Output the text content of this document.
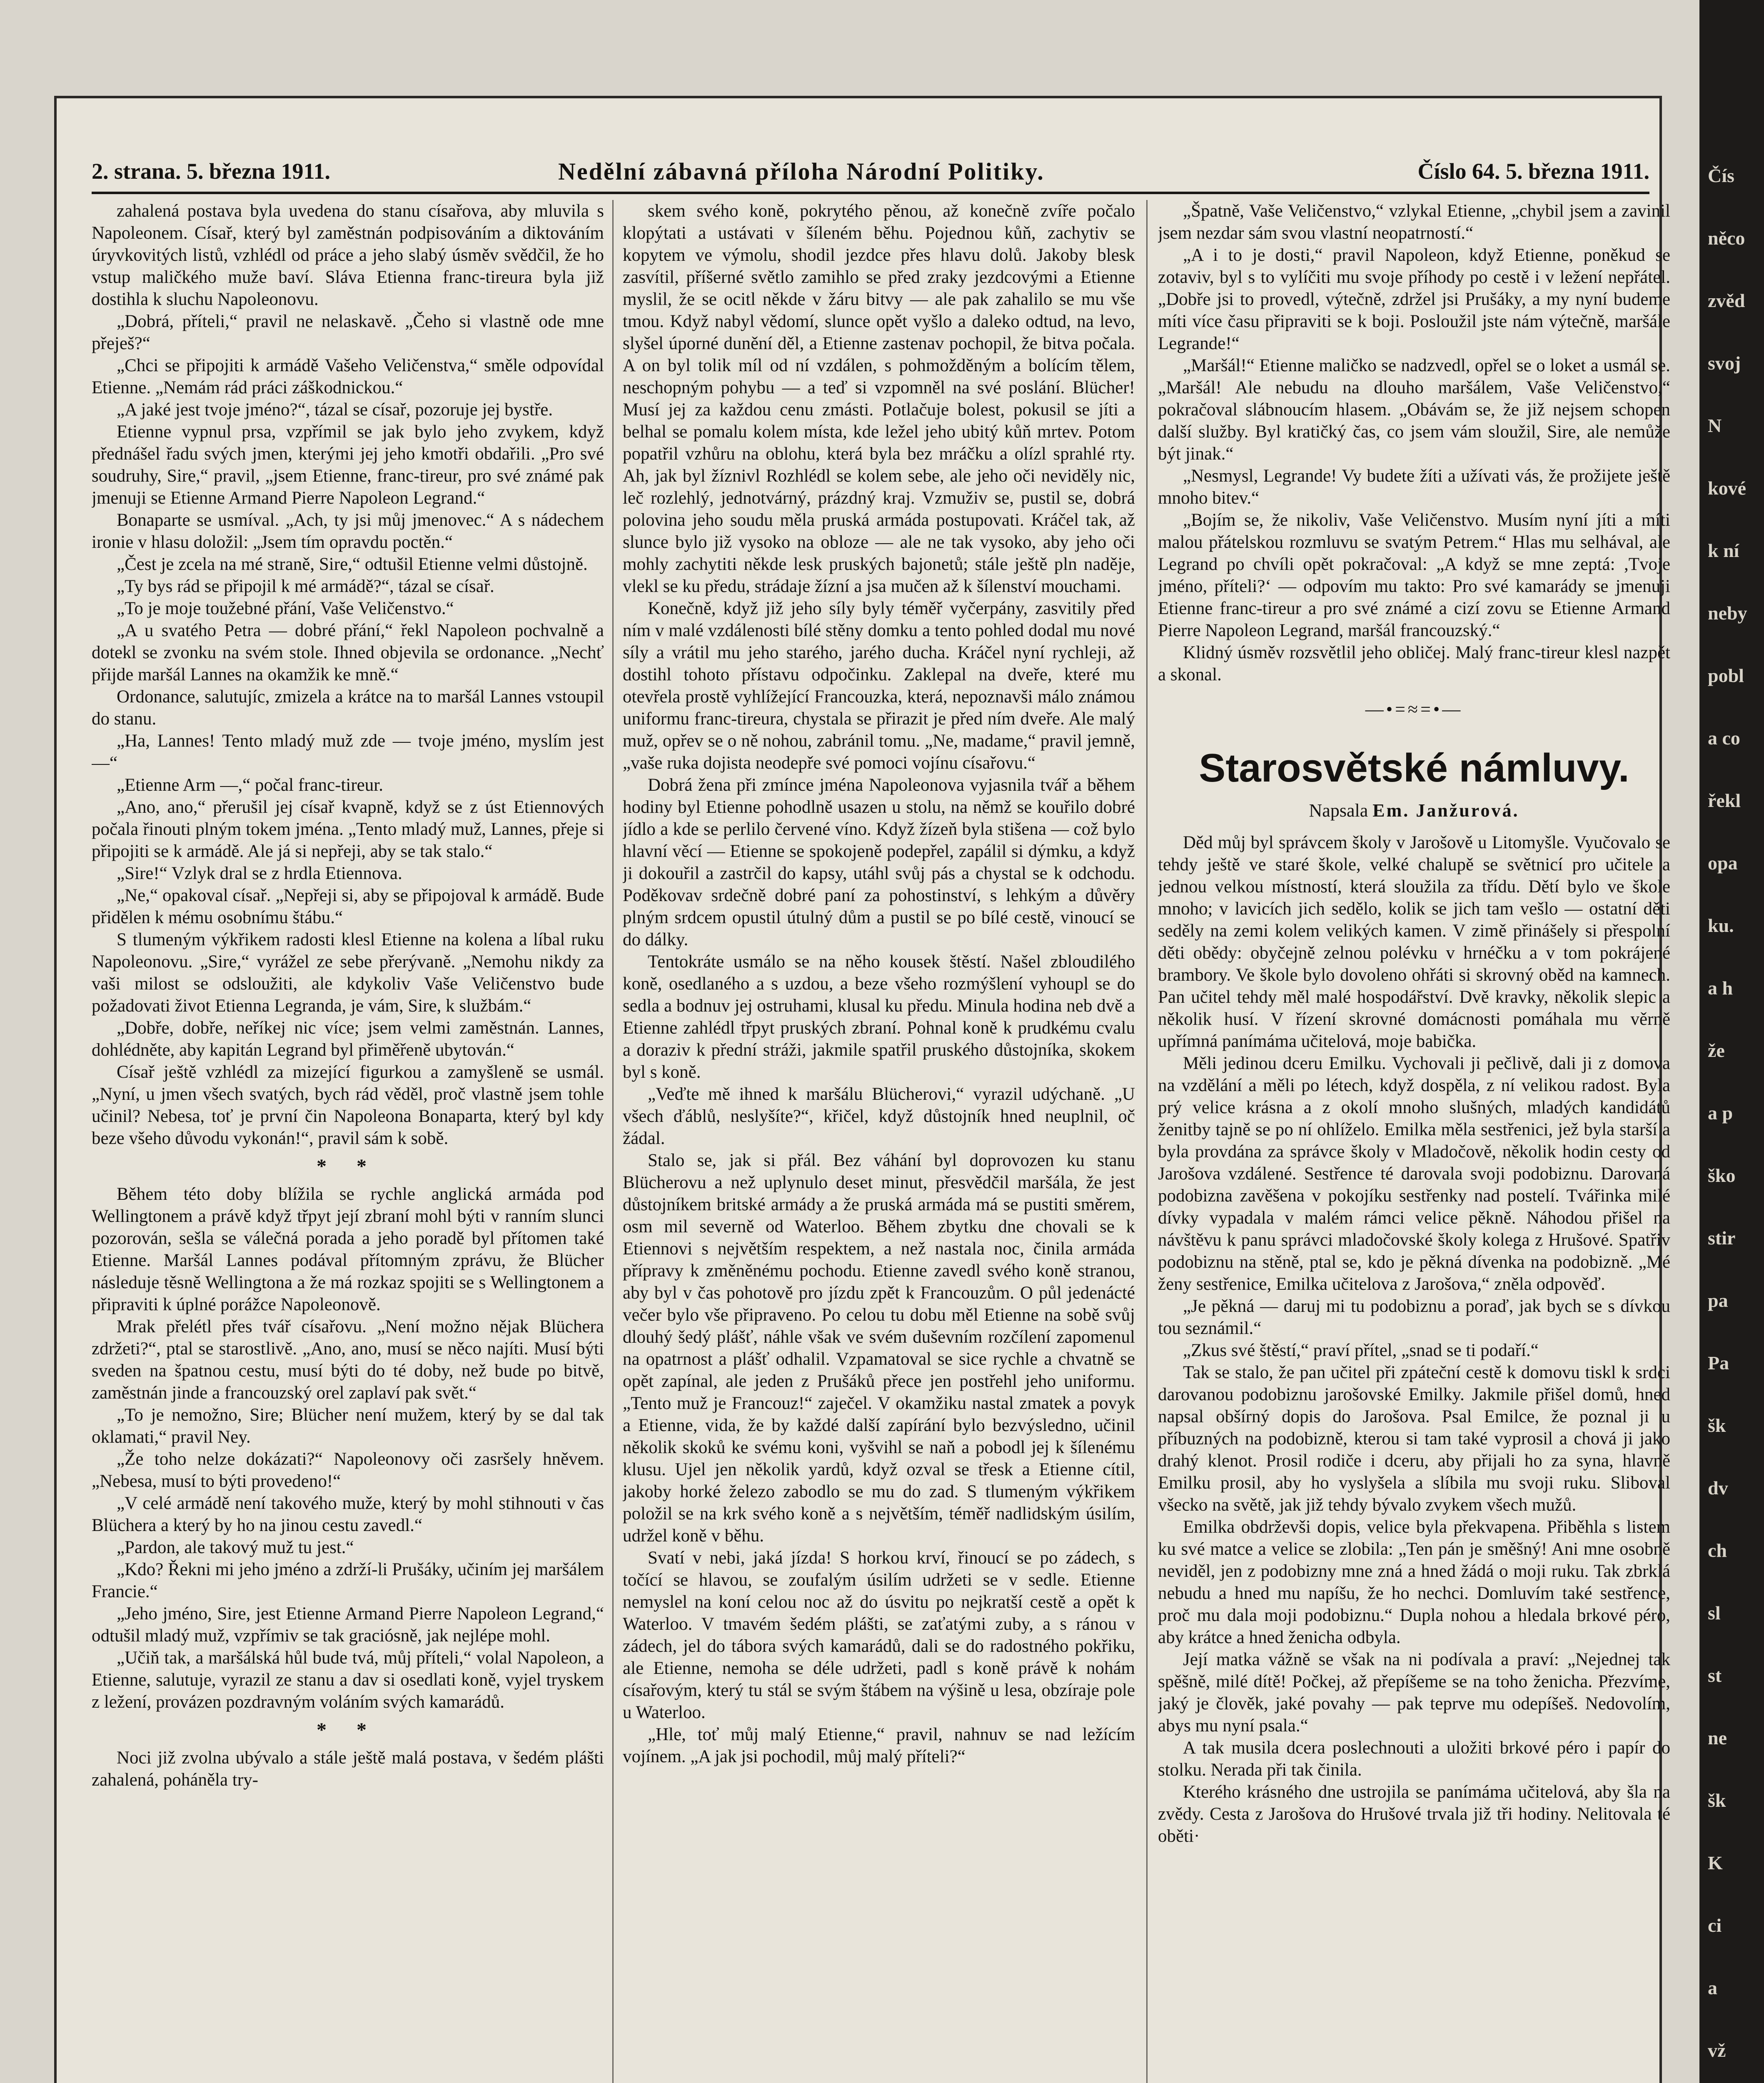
2. strana. 5. března 1911.	Nedělní zábavná příloha Národní Politiky.	Číslo 64. 5. března 1911.

zahalená postava byla uvedena do stanu císařova, aby mluvila s Napoleonem. Císař, který byl zaměstnán podpisováním a diktováním úryvkovitých listů, vzhlédl od práce a jeho slabý úsměv svědčil, že ho vstup maličkého muže baví. Sláva Etienna franc-tireura byla již dostihla k sluchu Napoleonovu.

„Dobrá, příteli,“ pravil ne nelaskavě. „Čeho si vlastně ode mne přeješ?“

„Chci se připojiti k armádě Vašeho Veličenstva,“ směle odpovídal Etienne. „Nemám rád práci záškodnickou.“

„A jaké jest tvoje jméno?“, tázal se císař, pozoruje jej bystře.

Etienne vypnul prsa, vzpřímil se jak bylo jeho zvykem, když přednášel řadu svých jmen, kterými jej jeho kmotři obdařili. „Pro své soudruhy, Sire,“ pravil, „jsem Etienne, franc-tireur, pro své známé pak jmenuji se Etienne Armand Pierre Napoleon Legrand.“

Bonaparte se usmíval. „Ach, ty jsi můj jmenovec.“ A s nádechem ironie v hlasu doložil: „Jsem tím opravdu poctěn.“

„Čest je zcela na mé straně, Sire,“ odtušil Etienne velmi důstojně.

„Ty bys rád se připojil k mé armádě?“, tázal se císař.

„To je moje toužebné přání, Vaše Veličenstvo.“

„A u svatého Petra — dobré přání,“ řekl Napoleon pochvalně a dotekl se zvonku na svém stole. Ihned objevila se ordonance. „Nechť přijde maršál Lannes na okamžik ke mně.“

Ordonance, salutujíc, zmizela a krátce na to maršál Lannes vstoupil do stanu.

„Ha, Lannes! Tento mladý muž zde — tvoje jméno, myslím jest —“

„Etienne Arm —,“ počal franc-tireur.

„Ano, ano,“ přerušil jej císař kvapně, když se z úst Etiennových počala řinouti plným tokem jména. „Tento mladý muž, Lannes, přeje si připojiti se k armádě. Ale já si nepřeji, aby se tak stalo.“

„Sire!“ Vzlyk dral se z hrdla Etiennova.

„Ne,“ opakoval císař. „Nepřeji si, aby se připojoval k armádě. Bude přidělen k mému osobnímu štábu.“

S tlumeným výkřikem radosti klesl Etienne na kolena a líbal ruku Napoleonovu. „Sire,“ vyrážel ze sebe přerývaně. „Nemohu nikdy za vaši milost se odsloužiti, ale kdykoliv Vaše Veličenstvo bude požadovati život Etienna Legranda, je vám, Sire, k službám.“

„Dobře, dobře, neříkej nic více; jsem velmi zaměstnán. Lannes, dohlédněte, aby kapitán Legrand byl přiměřeně ubytován.“

Císař ještě vzhlédl za mizející figurkou a zamyšleně se usmál. „Nyní, u jmen všech svatých, bych rád věděl, proč vlastně jsem tohle učinil? Nebesa, toť je první čin Napoleona Bonaparta, který byl kdy beze všeho důvodu vykonán!“, pravil sám k sobě.

* *

Během této doby blížila se rychle anglická armáda pod Wellingtonem a právě když třpyt její zbraní mohl býti v ranním slunci pozorován, sešla se válečná porada a jeho poradě byl přítomen také Etienne. Maršál Lannes podával přítomným zprávu, že Blücher následuje těsně Wellingtona a že má rozkaz spojiti se s Wellingtonem a připraviti k úplné porážce Napoleonově.

Mrak přelétl přes tvář císařovu. „Není možno nějak Blüchera zdržeti?“, ptal se starostlivě. „Ano, ano, musí se něco najíti. Musí býti sveden na špatnou cestu, musí býti do té doby, než bude po bitvě, zaměstnán jinde a francouzský orel zaplaví pak svět.“

„To je nemožno, Sire; Blücher není mužem, který by se dal tak oklamati,“ pravil Ney.

„Že toho nelze dokázati?“ Napoleonovy oči zasršely hněvem. „Nebesa, musí to býti provedeno!“

„V celé armádě není takového muže, který by mohl stihnouti v čas Blüchera a který by ho na jinou cestu zavedl.“

„Pardon, ale takový muž tu jest.“

„Kdo? Řekni mi jeho jméno a zdrží-li Prušáky, učiním jej maršálem Francie.“

„Jeho jméno, Sire, jest Etienne Armand Pierre Napoleon Legrand,“ odtušil mladý muž, vzpřímiv se tak graciósně, jak nejlépe mohl.

„Učiň tak, a maršálská hůl bude tvá, můj příteli,“ volal Napoleon, a Etienne, salutuje, vyrazil ze stanu a dav si osedlati koně, vyjel tryskem z ležení, provázen pozdravným voláním svých kamarádů.

* *

Noci již zvolna ubývalo a stále ještě malá postava, v šedém plášti zahalená, poháněla try-

skem svého koně, pokrytého pěnou, až konečně zvíře počalo klopýtati a ustávati v šíleném běhu. Pojednou kůň, zachytiv se kopytem ve výmolu, shodil jezdce přes hlavu dolů. Jakoby blesk zasvítil, příšerné světlo zamihlo se před zraky jezdcovými a Etienne myslil, že se ocitl někde v žáru bitvy — ale pak zahalilo se mu vše tmou. Když nabyl vědomí, slunce opět vyšlo a daleko odtud, na levo, slyšel úporné dunění děl, a Etienne zastenav pochopil, že bitva počala. A on byl tolik míl od ní vzdálen, s pohmožděným a bolícím tělem, neschopným pohybu — a teď si vzpomněl na své poslání. Blücher! Musí jej za každou cenu zmásti. Potlačuje bolest, pokusil se jíti a belhal se pomalu kolem místa, kde ležel jeho ubitý kůň mrtev. Potom popatřil vzhůru na oblohu, která byla bez mráčku a olízl sprahlé rty. Ah, jak byl žíznivl Rozhlédl se kolem sebe, ale jeho oči neviděly nic, leč rozlehlý, jednotvárný, prázdný kraj. Vzmuživ se, pustil se, dobrá polovina jeho soudu měla pruská armáda postupovati. Kráčel tak, až slunce bylo již vysoko na obloze — ale ne tak vysoko, aby jeho oči mohly zachytiti někde lesk pruských bajonetů; stále ještě pln naděje, vlekl se ku předu, strádaje žízní a jsa mučen až k šílenství mouchami.

Konečně, když již jeho síly byly téměř vyčerpány, zasvitily před ním v malé vzdálenosti bílé stěny domku a tento pohled dodal mu nové síly a vrátil mu jeho starého, jarého ducha. Kráčel nyní rychleji, až dostihl tohoto přístavu odpočinku. Zaklepal na dveře, které mu otevřela prostě vyhlížející Francouzka, která, nepoznavši málo známou uniformu franc-tireura, chystala se přirazit je před ním dveře. Ale malý muž, opřev se o ně nohou, zabránil tomu. „Ne, madame,“ pravil jemně, „vaše ruka dojista neodepře své pomoci vojínu císařovu.“

Dobrá žena při zmínce jména Napoleonova vyjasnila tvář a během hodiny byl Etienne pohodlně usazen u stolu, na němž se kouřilo dobré jídlo a kde se perlilo červené víno. Když žízeň byla stišena — což bylo hlavní věcí — Etienne se spokojeně podepřel, zapálil si dýmku, a když ji dokouřil a zastrčil do kapsy, utáhl svůj pás a chystal se k odchodu. Poděkovav srdečně dobré paní za pohostinství, s lehkým a důvěry plným srdcem opustil útulný dům a pustil se po bílé cestě, vinoucí se do dálky.

Tentokráte usmálo se na něho kousek štěstí. Našel zbloudilého koně, osedlaného a s uzdou, a beze všeho rozmýšlení vyhoupl se do sedla a bodnuv jej ostruhami, klusal ku předu. Minula hodina neb dvě a Etienne zahlédl třpyt pruských zbraní. Pohnal koně k prudkému cvalu a doraziv k přední stráži, jakmile spatřil pruského důstojníka, skokem byl s koně.

„Veďte mě ihned k maršálu Blücherovi,“ vyrazil udýchaně. „U všech ďáblů, neslyšíte?“, křičel, když důstojník hned neuplnil, oč žádal.

Stalo se, jak si přál. Bez váhání byl doprovozen ku stanu Blücherovu a než uplynulo deset minut, přesvědčil maršála, že jest důstojníkem britské armády a že pruská armáda má se pustiti směrem, osm mil severně od Waterloo. Během zbytku dne chovali se k Etiennovi s největším respektem, a než nastala noc, činila armáda přípravy k změněnému pochodu. Etienne zavedl svého koně stranou, aby byl v čas pohotově pro jízdu zpět k Francouzům. O půl jedenácté večer bylo vše připraveno. Po celou tu dobu měl Etienne na sobě svůj dlouhý šedý plášť, náhle však ve svém duševním rozčílení zapomenul na opatrnost a plášť odhalil. Vzpamatoval se sice rychle a chvatně se opět zapínal, ale jeden z Prušáků přece jen postřehl jeho uniformu. „Tento muž je Francouz!“ zaječel. V okamžiku nastal zmatek a povyk a Etienne, vida, že by každé další zapírání bylo bezvýsledno, učinil několik skoků ke svému koni, vyšvihl se naň a pobodl jej k šílenému klusu. Ujel jen několik yardů, když ozval se třesk a Etienne cítil, jakoby horké železo zabodlo se mu do zad. S tlumeným výkřikem položil se na krk svého koně a s největším, téměř nadlidským úsilím, udržel koně v běhu.

Svatí v nebi, jaká jízda! S horkou krví, řinoucí se po zádech, s točící se hlavou, se zoufalým úsilím udržeti se v sedle. Etienne nemyslel na koní celou noc až do úsvitu po nejkratší cestě a opět k Waterloo. V tmavém šedém plášti, se zaťatými zuby, a s ránou v zádech, jel do tábora svých kamarádů, dali se do radostného pokřiku, ale Etienne, nemoha se déle udržeti, padl s koně právě k nohám císařovým, který tu stál se svým štábem na výšině u lesa, obzíraje pole u Waterloo.

„Hle, toť můj malý Etienne,“ pravil, nahnuv se nad ležícím vojínem. „A jak jsi pochodil, můj malý příteli?“

„Špatně, Vaše Veličenstvo,“ vzlykal Etienne, „chybil jsem a zavinil jsem nezdar sám svou vlastní neopatrností.“

„A i to je dosti,“ pravil Napoleon, když Etienne, poněkud se zotaviv, byl s to vylíčiti mu svoje příhody po cestě i v ležení nepřátel. „Dobře jsi to provedl, výtečně, zdržel jsi Prušáky, a my nyní budeme míti více času připraviti se k boji. Posloužil jste nám výtečně, maršále Legrande!“

„Maršál!“ Etienne maličko se nadzvedl, opřel se o loket a usmál se. „Maršál! Ale nebudu na dlouho maršálem, Vaše Veličenstvo,“ pokračoval slábnoucím hlasem. „Obávám se, že již nejsem schopen další služby. Byl kratičký čas, co jsem vám sloužil, Sire, ale nemůže být jinak.“

„Nesmysl, Legrande! Vy budete žíti a užívati vás, že prožijete ještě mnoho bitev.“

„Bojím se, že nikoliv, Vaše Veličenstvo. Musím nyní jíti a míti malou přátelskou rozmluvu se svatým Petrem.“ Hlas mu selhával, ale Legrand po chvíli opět pokračoval: „A když se mne zeptá: ,Tvoje jméno, příteli?‘ — odpovím mu takto: Pro své kamarády se jmenuji Etienne franc-tireur a pro své známé a cizí zovu se Etienne Armand Pierre Napoleon Legrand, maršál francouzský.“

Klidný úsměv rozsvětlil jeho obličej. Malý franc-tireur klesl nazpět a skonal.

—•=≈=•—
Starosvětské námluvy.
Napsala Em. Janžurová.

Děd můj byl správcem školy v Jarošově u Litomyšle. Vyučovalo se tehdy ještě ve staré škole, velké chalupě se světnicí pro učitele a jednou velkou místností, která sloužila za třídu. Dětí bylo ve škole mnoho; v lavicích jich sedělo, kolik se jich tam vešlo — ostatní děti seděly na zemi kolem velikých kamen. V zimě přinášely si přespolní děti obědy: obyčejně zelnou polévku v hrnéčku a v tom pokrájené brambory. Ve škole bylo dovoleno ohřáti si skrovný oběd na kamnech. Pan učitel tehdy měl malé hospodářství. Dvě kravky, několik slepic a několik husí. V řízení skrovné domácnosti pomáhala mu věrně upřímná panímáma učitelová, moje babička.

Měli jedinou dceru Emilku. Vychovali ji pečlivě, dali ji z domova na vzdělání a měli po létech, když dospěla, z ní velikou radost. Byla prý velice krásna a z okolí mnoho slušných, mladých kandidátů ženitby tajně se po ní ohlíželo. Emilka měla sestřenici, jež byla starší a byla provdána za správce školy v Mladočově, několik hodin cesty od Jarošova vzdálené. Sestřence té darovala svoji podobiznu. Darovaná podobizna zavěšena v pokojíku sestřenky nad postelí. Tvářinka milé dívky vypadala v malém rámci velice pěkně. Náhodou přišel na návštěvu k panu správci mladočovské školy kolega z Hrušové. Spatřiv podobiznu na stěně, ptal se, kdo je pěkná dívenka na podobizně. „Mé ženy sestřenice, Emilka učitelova z Jarošova,“ zněla odpověď.

„Je pěkná — daruj mi tu podobiznu a poraď, jak bych se s dívkou tou seznámil.“

„Zkus své štěstí,“ praví přítel, „snad se ti podaří.“

Tak se stalo, že pan učitel při zpáteční cestě k domovu tiskl k srdci darovanou podobiznu jarošovské Emilky. Jakmile přišel domů, hned napsal obšírný dopis do Jarošova. Psal Emilce, že poznal ji u příbuzných na podobizně, kterou si tam také vyprosil a chová ji jako drahý klenot. Prosil rodiče i dceru, aby přijali ho za syna, hlavně Emilku prosil, aby ho vyslyšela a slíbila mu svoji ruku. Sliboval všecko na světě, jak již tehdy bývalo zvykem všech mužů.

Emilka obdrževši dopis, velice byla překvapena. Přiběhla s listem ku své matce a velice se zlobila: „Ten pán je směšný! Ani mne osobně neviděl, jen z podobizny mne zná a hned žádá o moji ruku. Tak zbrklá nebudu a hned mu napíšu, že ho nechci. Domluvím také sestřence, proč mu dala moji podobiznu.“ Dupla nohou a hledala brkové péro, aby krátce a hned ženicha odbyla.

Její matka vážně se však na ni podívala a praví: „Nejednej tak spěšně, milé dítě! Počkej, až přepíšeme se na toho ženicha. Přezvíme, jaký je člověk, jaké povahy — pak teprve mu odepíšeš. Nedovolím, abys mu nyní psala.“

A tak musila dcera poslechnouti a uložiti brkové péro i papír do stolku. Nerada při tak činila.

Kterého krásného dne ustrojila se panímáma učitelová, aby šla na zvědy. Cesta z Jarošova do Hrušové trvala již tři hodiny. Nelitovala té oběti·

Čís
něco
zvěd
svoj
N
kové
k ní
neby
pobl
a co
řekl
opa
ku.
a h
že
a p
ško
stir
pa
Pa
šk
dv
ch
sl
st
ne
šk
K
ci
a
vž
